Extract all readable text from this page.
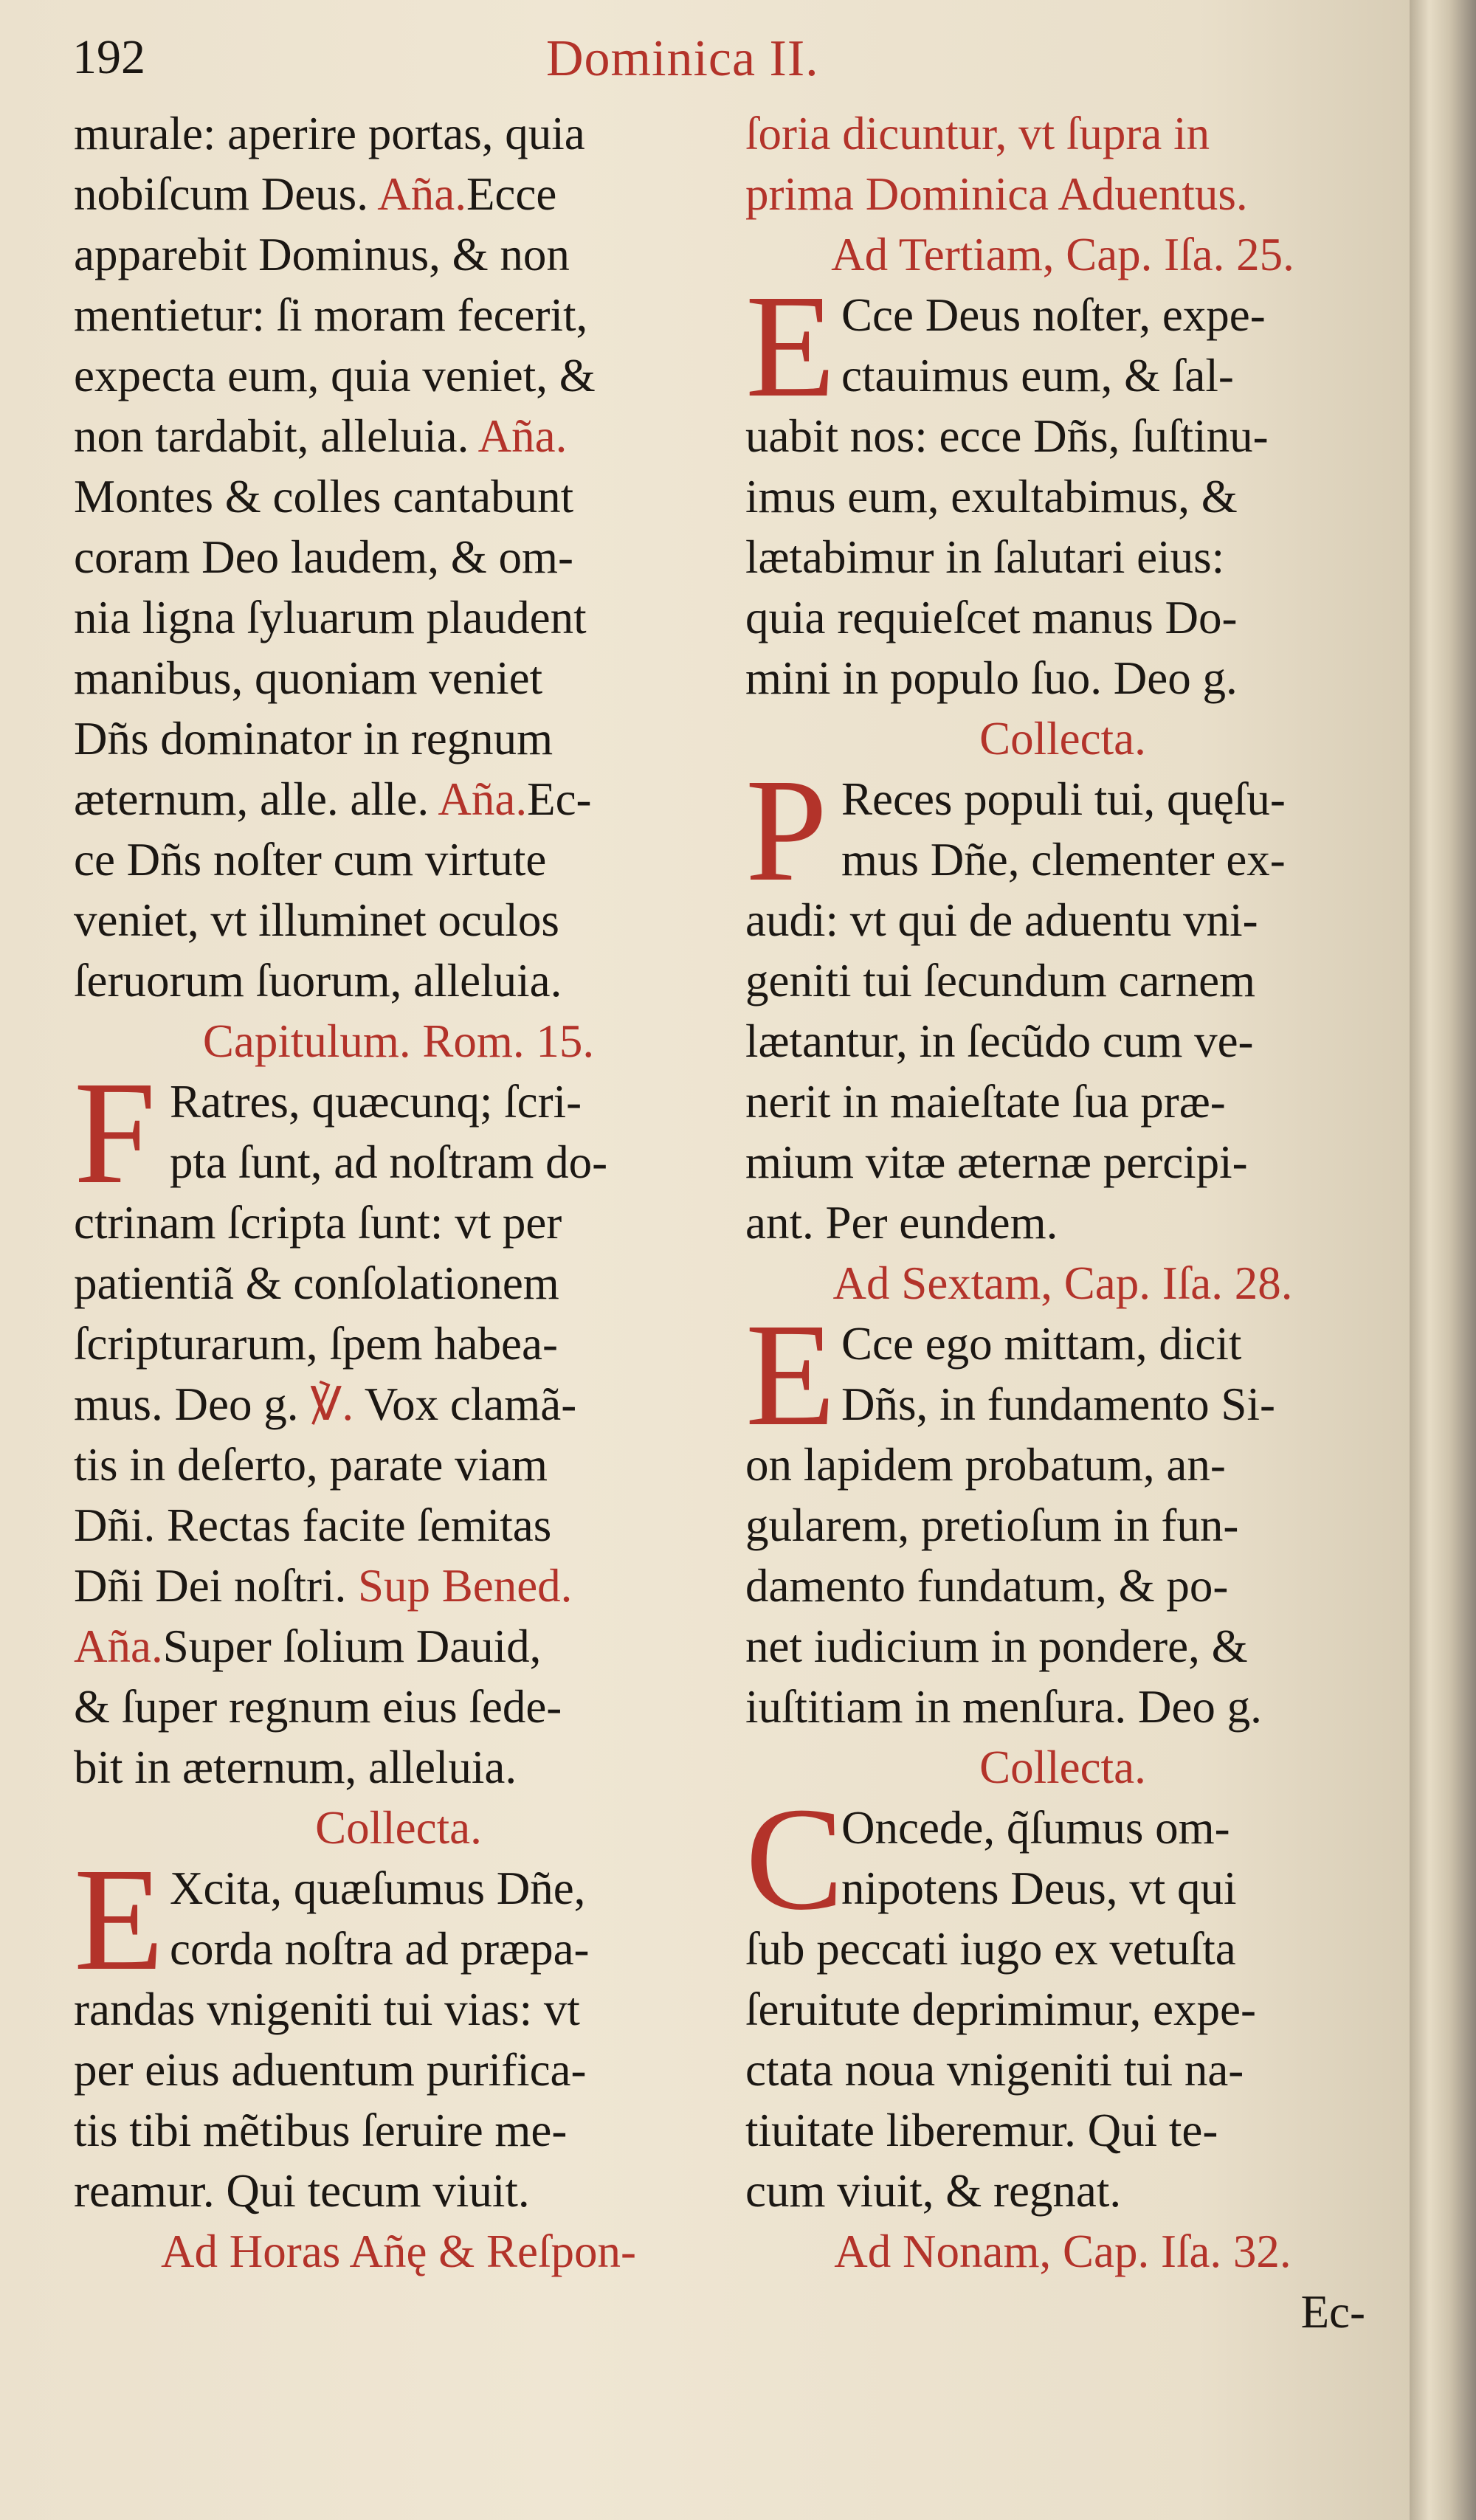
192	Dominica II.
murale: aperire portas, quia
nobiſcum Deus. Aña.Ecce
apparebit Dominus, & non
mentietur: ſi moram fecerit,
expecta eum, quia veniet, &
non tardabit, alleluia. Aña.
Montes & colles cantabunt
coram Deo laudem, & om-
nia ligna ſyluarum plaudent
manibus, quoniam veniet
Dñs dominator in regnum
æternum, alle. alle. Aña.Ec-
ce Dñs noſter cum virtute
veniet, vt illuminet oculos
ſeruorum ſuorum, alleluia.
Capitulum. Rom. 15.
F Ratres, quæcunq; ſcri-
pta ſunt, ad noſtram do-
ctrinam ſcripta ſunt: vt per
patientiã & conſolationem
ſcripturarum, ſpem habea-
mus. Deo g. ℣. Vox clamã-
tis in deſerto, parate viam
Dñi. Rectas facite ſemitas
Dñi Dei noſtri. Sup Bened.
Aña.Super ſolium Dauid,
& ſuper regnum eius ſede-
bit in æternum, alleluia.
Collecta.
E Xcita, quæſumus Dñe,
corda noſtra ad præpa-
randas vnigeniti tui vias: vt
per eius aduentum purifica-
tis tibi mẽtibus ſeruire me-
reamur. Qui tecum viuit.
Ad Horas Añę & Reſpon-
ſoria dicuntur, vt ſupra in
prima Dominica Aduentus.
Ad Tertiam, Cap. Iſa. 25.
E Cce Deus noſter, expe-
ctauimus eum, & ſal-
uabit nos: ecce Dñs, ſuſtinu-
imus eum, exultabimus, &
lætabimur in ſalutari eius:
quia requieſcet manus Do-
mini in populo ſuo. Deo g.
Collecta.
P Reces populi tui, quęſu-
mus Dñe, clementer ex-
audi: vt qui de aduentu vni-
geniti tui ſecundum carnem
lætantur, in ſecũdo cum ve-
nerit in maieſtate ſua præ-
mium vitæ æternæ percipi-
ant. Per eundem.
Ad Sextam, Cap. Iſa. 28.
E Cce ego mittam, dicit
Dñs, in fundamento Si-
on lapidem probatum, an-
gularem, pretioſum in fun-
damento fundatum, & po-
net iudicium in pondere, &
iuſtitiam in menſura. Deo g.
Collecta.
C
Oncede, q̃ſumus om-
nipotens Deus, vt qui
ſub peccati iugo ex vetuſta
ſeruitute deprimimur, expe-
ctata noua vnigeniti tui na-
tiuitate liberemur. Qui te-
cum viuit, & regnat.
Ad Nonam, Cap. Iſa. 32.
Ec-
